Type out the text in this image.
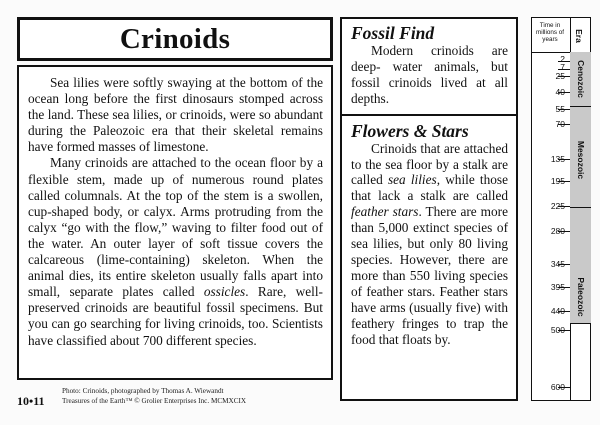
Crinoids

Sea lilies were softly swaying at the bottom of the ocean long before the first dinosaurs stomped across the land. These sea lilies, or crinoids, were so abundant during the Paleozoic era that their skeletal remains have formed masses of limestone.

Many crinoids are attached to the ocean floor by a flexible stem, made up of numerous round plates called columnals. At the top of the stem is a swollen, cup-shaped body, or calyx. Arms protruding from the calyx “go with the flow,” waving to filter food out of the water. An outer layer of soft tissue covers the calcareous (lime-containing) skeleton. When the animal dies, its entire skeleton usually falls apart into small, separate plates called ossicles. Rare, well-preserved crinoids are beautiful fossil specimens. But you can go searching for living crinoids, too. Scientists have classified about 700 different species.

10•11
Photo: Crinoids, photographed by Thomas A. Wiewandt
Treasures of the Earth™ © Grolier Enterprises Inc. MCMXCIX
Fossil Find

Modern crinoids are deep- water animals, but fossil crinoids lived at all depths.

Flowers & Stars

Crinoids that are attached to the sea floor by a stalk are called sea lilies, while those that lack a stalk are called feather stars. There are more than 5,000 extinct species of sea lilies, but only 80 living species. However, there are more than 550 living species of feather stars. Feather stars have arms (usually five) with feathery fringes to trap the food that floats by.

Time in millions of years	Era
Cenozoic
Mesozoic
Paleozoic
2
7
25
40
55
70
135
195
225
280
345
395
440
500
600
